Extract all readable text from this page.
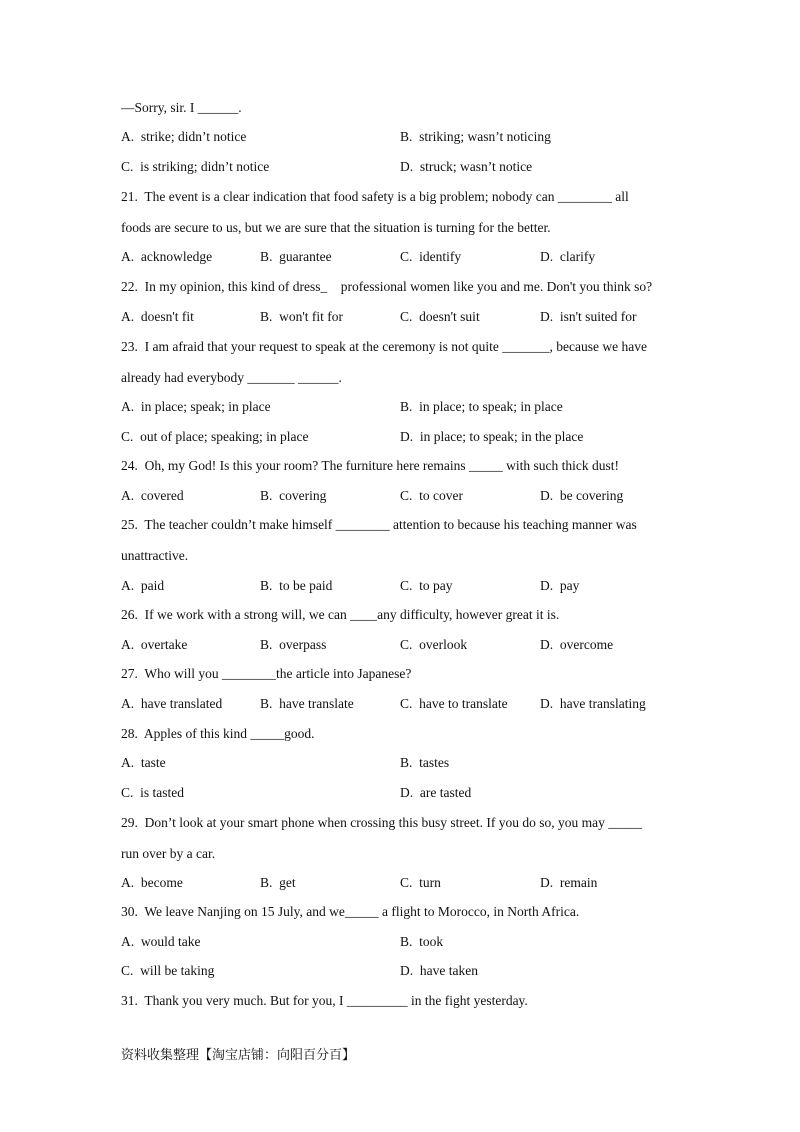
—Sorry, sir. I ______.
A.  strike; didn’t notice	B.  striking; wasn’t noticing
C.  is striking; didn’t notice	D.  struck; wasn’t notice
21.  The event is a clear indication that food safety is a big problem; nobody can ________ all
foods are secure to us, but we are sure that the situation is turning for the better.
A.  acknowledge	B.  guarantee	C.  identify	D.  clarify
22.  In my opinion, this kind of dress_    professional women like you and me. Don't you think so?
A.  doesn't fit	B.  won't fit for	C.  doesn't suit	D.  isn't suited for
23.  I am afraid that your request to speak at the ceremony is not quite _______, because we have
already had everybody _______ ______.
A.  in place; speak; in place	B.  in place; to speak; in place
C.  out of place; speaking; in place	D.  in place; to speak; in the place
24.  Oh, my God! Is this your room? The furniture here remains _____ with such thick dust!
A.  covered	B.  covering	C.  to cover	D.  be covering
25.  The teacher couldn’t make himself ________ attention to because his teaching manner was
unattractive.
A.  paid	B.  to be paid	C.  to pay	D.  pay
26.  If we work with a strong will, we can ____any difficulty, however great it is.
A.  overtake	B.  overpass	C.  overlook	D.  overcome
27.  Who will you ________the article into Japanese?
A.  have translated	B.  have translate	C.  have to translate D.  have translating
28.  Apples of this kind _____good.
A.  taste	B.  tastes
C.  is tasted	D.  are tasted
29.  Don’t look at your smart phone when crossing this busy street. If you do so, you may _____
run over by a car.
A.  become	B.  get	C.  turn	D.  remain
30.  We leave Nanjing on 15 July, and we_____ a flight to Morocco, in North Africa.
A.  would take	B.  took
C.  will be taking	D.  have taken
31.  Thank you very much. But for you, I _________ in the fight yesterday.
资料收集整理【淘宝店铺：向阳百分百】
